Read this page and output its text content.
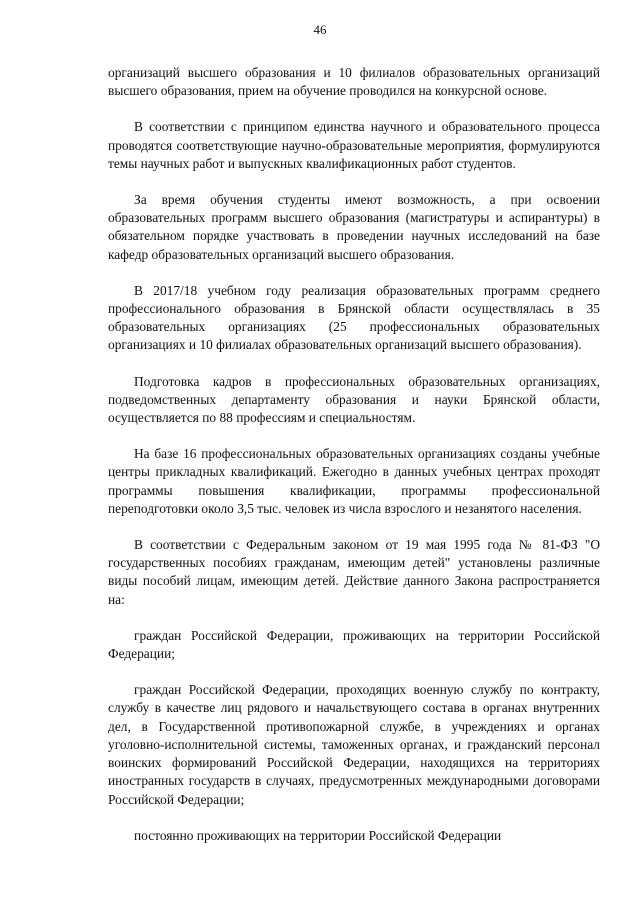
46

организаций высшего образования и 10 филиалов образовательных организаций высшего образования, прием на обучение проводился на конкурсной основе.

В соответствии с принципом единства научного и образовательного процесса проводятся соответствующие научно-образовательные мероприятия, формулируются темы научных работ и выпускных квалификационных работ студентов.

За время обучения студенты имеют возможность, а при освоении образовательных программ высшего образования (магистратуры и аспирантуры) в обязательном порядке участвовать в проведении научных исследований на базе кафедр образовательных организаций высшего образования.

В 2017/18 учебном году реализация образовательных программ среднего профессионального образования в Брянской области осуществлялась в 35 образовательных организациях (25 профессиональных образовательных организациях и 10 филиалах образовательных организаций высшего образования).

Подготовка кадров в профессиональных образовательных организациях, подведомственных департаменту образования и науки Брянской области, осуществляется по 88 профессиям и специальностям.

На базе 16 профессиональных образовательных организациях созданы учебные центры прикладных квалификаций. Ежегодно в данных учебных центрах проходят программы повышения квалификации, программы профессиональной переподготовки около 3,5 тыс. человек из числа взрослого и незанятого населения.

В соответствии с Федеральным законом от 19 мая 1995 года № 81-ФЗ "О государственных пособиях гражданам, имеющим детей" установлены различные виды пособий лицам, имеющим детей. Действие данного Закона распространяется на:

граждан Российской Федерации, проживающих на территории Российской Федерации;

граждан Российской Федерации, проходящих военную службу по контракту, службу в качестве лиц рядового и начальствующего состава в органах внутренних дел, в Государственной противопожарной службе, в учреждениях и органах уголовно-исполнительной системы, таможенных органах, и гражданский персонал воинских формирований Российской Федерации, находящихся на территориях иностранных государств в случаях, предусмотренных международными договорами Российской Федерации;

постоянно проживающих на территории Российской Федерации
